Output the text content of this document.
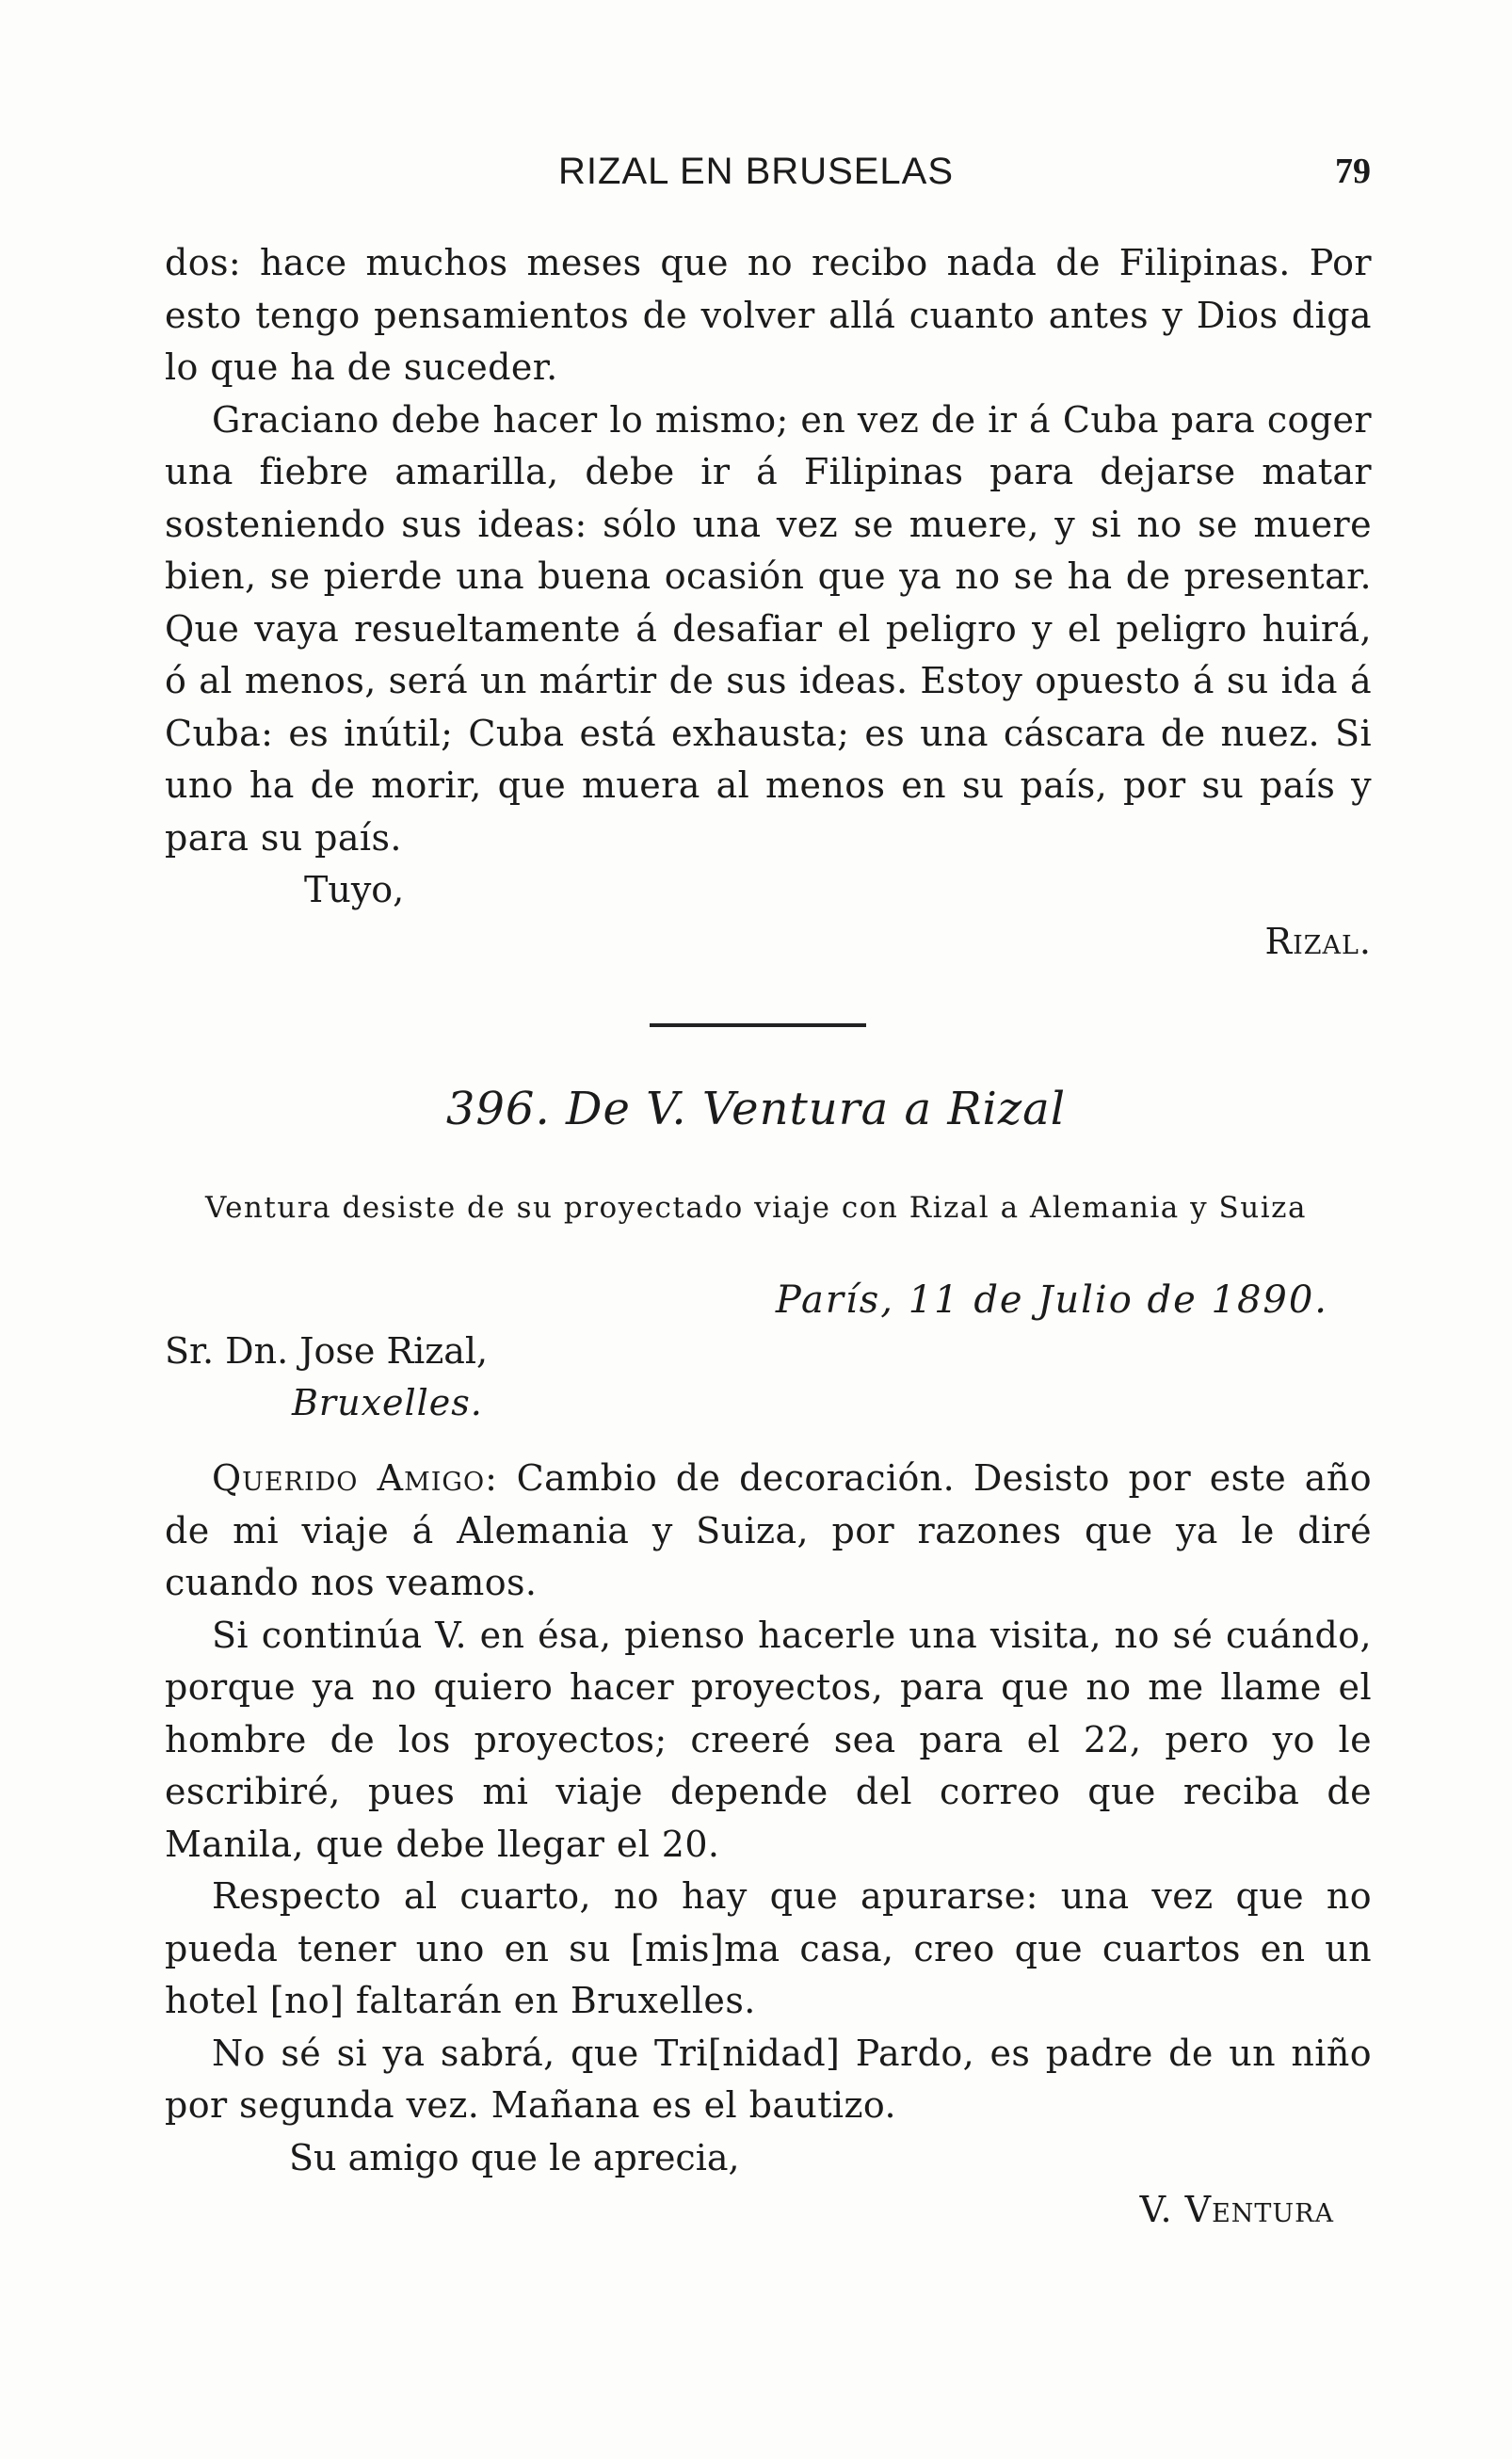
RIZAL EN BRUSELAS	79

dos: hace muchos meses que no recibo nada de Filipinas. Por esto tengo pensamientos de volver allá cuanto antes y Dios diga lo que ha de suceder.

Graciano debe hacer lo mismo; en vez de ir á Cuba para coger una fiebre amarilla, debe ir á Filipinas para dejarse matar sosteniendo sus ideas: sólo una vez se muere, y si no se muere bien, se pierde una buena ocasión que ya no se ha de presentar. Que vaya resueltamente á desafiar el peligro y el peligro huirá, ó al menos, será un mártir de sus ideas. Estoy opuesto á su ida á Cuba: es inútil; Cuba está exhausta; es una cáscara de nuez. Si uno ha de morir, que muera al menos en su país, por su país y para su país.

Tuyo,
Rizal.
396. De V. Ventura a Rizal
Ventura desiste de su proyectado viaje con Rizal a Alemania y Suiza
París, 11 de Julio de 1890.
Sr. Dn. Jose Rizal,
Bruxelles.

Querido Amigo: Cambio de decoración. Desisto por este año de mi viaje á Alemania y Suiza, por razones que ya le diré cuando nos veamos.

Si continúa V. en ésa, pienso hacerle una visita, no sé cuándo, porque ya no quiero hacer proyectos, para que no me llame el hombre de los proyectos; creeré sea para el 22, pero yo le escribiré, pues mi viaje depende del correo que reciba de Manila, que debe llegar el 20.

Respecto al cuarto, no hay que apurarse: una vez que no pueda tener uno en su [mis]ma casa, creo que cuartos en un hotel [no] faltarán en Bruxelles.

No sé si ya sabrá, que Tri[nidad] Pardo, es padre de un niño por segunda vez. Mañana es el bautizo.

Su amigo que le aprecia,
V. Ventura
